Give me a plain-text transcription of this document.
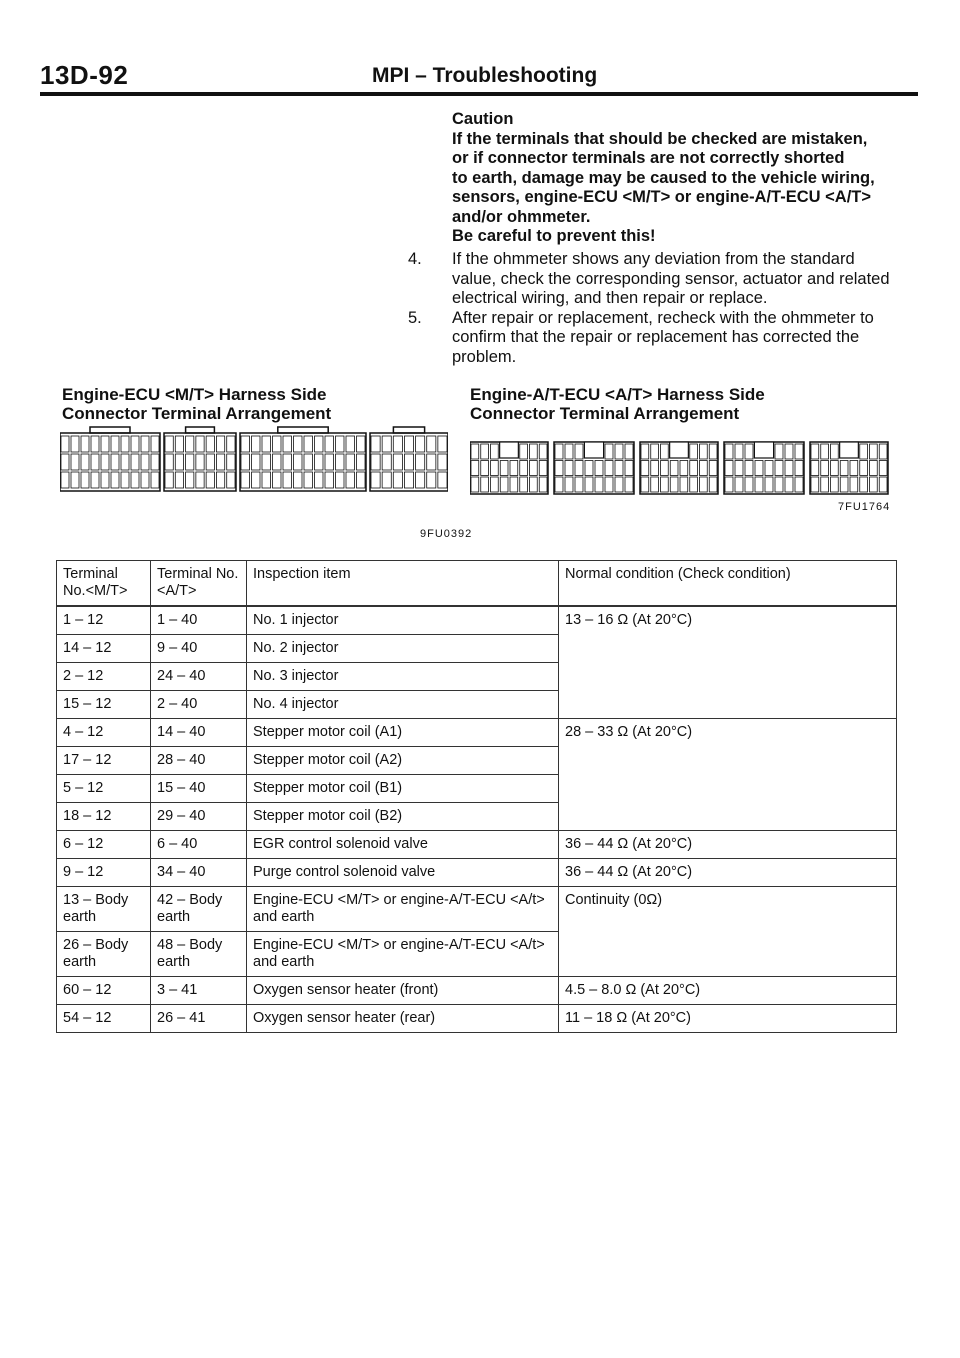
13D-92	MPI – Troubleshooting

Caution

If the terminals that should be checked are mistaken,

or if connector terminals are not correctly shorted

to earth, damage may be caused to the vehicle wiring,

sensors, engine-ECU <M/T> or engine-A/T-ECU <A/T>

and/or ohmmeter.

Be careful to prevent this!

4. If the ohmmeter shows any deviation from the standard value, check the corresponding sensor, actuator and related electrical wiring, and then repair or replace.

5. After repair or replacement, recheck with the ohmmeter to confirm that the repair or replacement has corrected the problem.

Engine-ECU <M/T> Harness Side
Connector Terminal Arrangement
Engine-A/T-ECU <A/T> Harness Side
Connector Terminal Arrangement
7FU1764
9FU0392
Terminal No.<M/T>	Terminal No. <A/T>	Inspection item	Normal condition (Check condition)
1 – 12	1 – 40	No. 1 injector	13 – 16 Ω (At 20°C)
14 – 12	9 – 40	No. 2 injector	
2 – 12	24 – 40	No. 3 injector	
15 – 12	2 – 40	No. 4 injector	
4 – 12	14 – 40	Stepper motor coil (A1)	28 – 33 Ω (At 20°C)
17 – 12	28 – 40	Stepper motor coil (A2)	
5 – 12	15 – 40	Stepper motor coil (B1)	
18 – 12	29 – 40	Stepper motor coil (B2)	
6 – 12	6 – 40	EGR control solenoid valve	36 – 44 Ω (At 20°C)
9 – 12	34 – 40	Purge control solenoid valve	36 – 44 Ω (At 20°C)
13 – Body earth	42 – Body earth	Engine-ECU <M/T> or engine-A/T-ECU <A/t> and earth	Continuity (0Ω)
26 – Body earth	48 – Body earth	Engine-ECU <M/T> or engine-A/T-ECU <A/t> and earth	
60 – 12	3 – 41	Oxygen sensor heater (front)	4.5 – 8.0 Ω (At 20°C)
54 – 12	26 – 41	Oxygen sensor heater (rear)	11 – 18 Ω (At 20°C)
